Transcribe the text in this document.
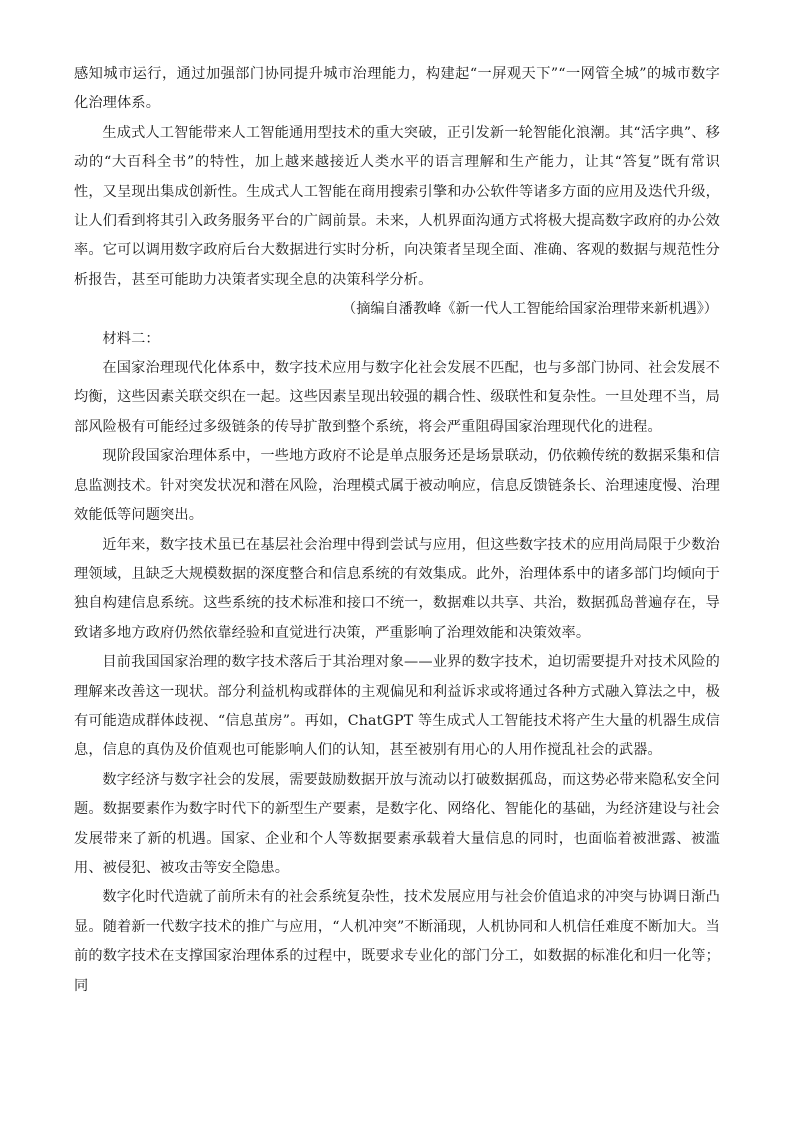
感知城市运行，通过加强部门协同提升城市治理能力，构建起“一屏观天下”“一网管全城”的城市数字化治理体系。

生成式人工智能带来人工智能通用型技术的重大突破，正引发新一轮智能化浪潮。其“活字典”、移动的“大百科全书”的特性，加上越来越接近人类水平的语言理解和生产能力，让其“答复”既有常识性，又呈现出集成创新性。生成式人工智能在商用搜索引擎和办公软件等诸多方面的应用及迭代升级，让人们看到将其引入政务服务平台的广阔前景。未来，人机界面沟通方式将极大提高数字政府的办公效率。它可以调用数字政府后台大数据进行实时分析，向决策者呈现全面、准确、客观的数据与规范性分析报告，甚至可能助力决策者实现全息的决策科学分析。

（摘编自潘教峰《新一代人工智能给国家治理带来新机遇》）

材料二：

在国家治理现代化体系中，数字技术应用与数字化社会发展不匹配，也与多部门协同、社会发展不均衡，这些因素关联交织在一起。这些因素呈现出较强的耦合性、级联性和复杂性。一旦处理不当，局部风险极有可能经过多级链条的传导扩散到整个系统，将会严重阻碍国家治理现代化的进程。

现阶段国家治理体系中，一些地方政府不论是单点服务还是场景联动，仍依赖传统的数据采集和信息监测技术。针对突发状况和潜在风险，治理模式属于被动响应，信息反馈链条长、治理速度慢、治理效能低等问题突出。

近年来，数字技术虽已在基层社会治理中得到尝试与应用，但这些数字技术的应用尚局限于少数治理领域，且缺乏大规模数据的深度整合和信息系统的有效集成。此外，治理体系中的诸多部门均倾向于独自构建信息系统。这些系统的技术标准和接口不统一，数据难以共享、共治，数据孤岛普遍存在，导致诸多地方政府仍然依靠经验和直觉进行决策，严重影响了治理效能和决策效率。

目前我国国家治理的数字技术落后于其治理对象——业界的数字技术，迫切需要提升对技术风险的理解来改善这一现状。部分利益机构或群体的主观偏见和利益诉求或将通过各种方式融入算法之中，极有可能造成群体歧视、“信息茧房”。再如，ChatGPT 等生成式人工智能技术将产生大量的机器生成信息，信息的真伪及价值观也可能影响人们的认知，甚至被别有用心的人用作搅乱社会的武器。

数字经济与数字社会的发展，需要鼓励数据开放与流动以打破数据孤岛，而这势必带来隐私安全问题。数据要素作为数字时代下的新型生产要素，是数字化、网络化、智能化的基础，为经济建设与社会发展带来了新的机遇。国家、企业和个人等数据要素承载着大量信息的同时，也面临着被泄露、被滥用、被侵犯、被攻击等安全隐患。

数字化时代造就了前所未有的社会系统复杂性，技术发展应用与社会价值追求的冲突与协调日渐凸显。随着新一代数字技术的推广与应用，“人机冲突”不断涌现，人机协同和人机信任难度不断加大。当前的数字技术在支撑国家治理体系的过程中，既要求专业化的部门分工，如数据的标准化和归一化等；同
